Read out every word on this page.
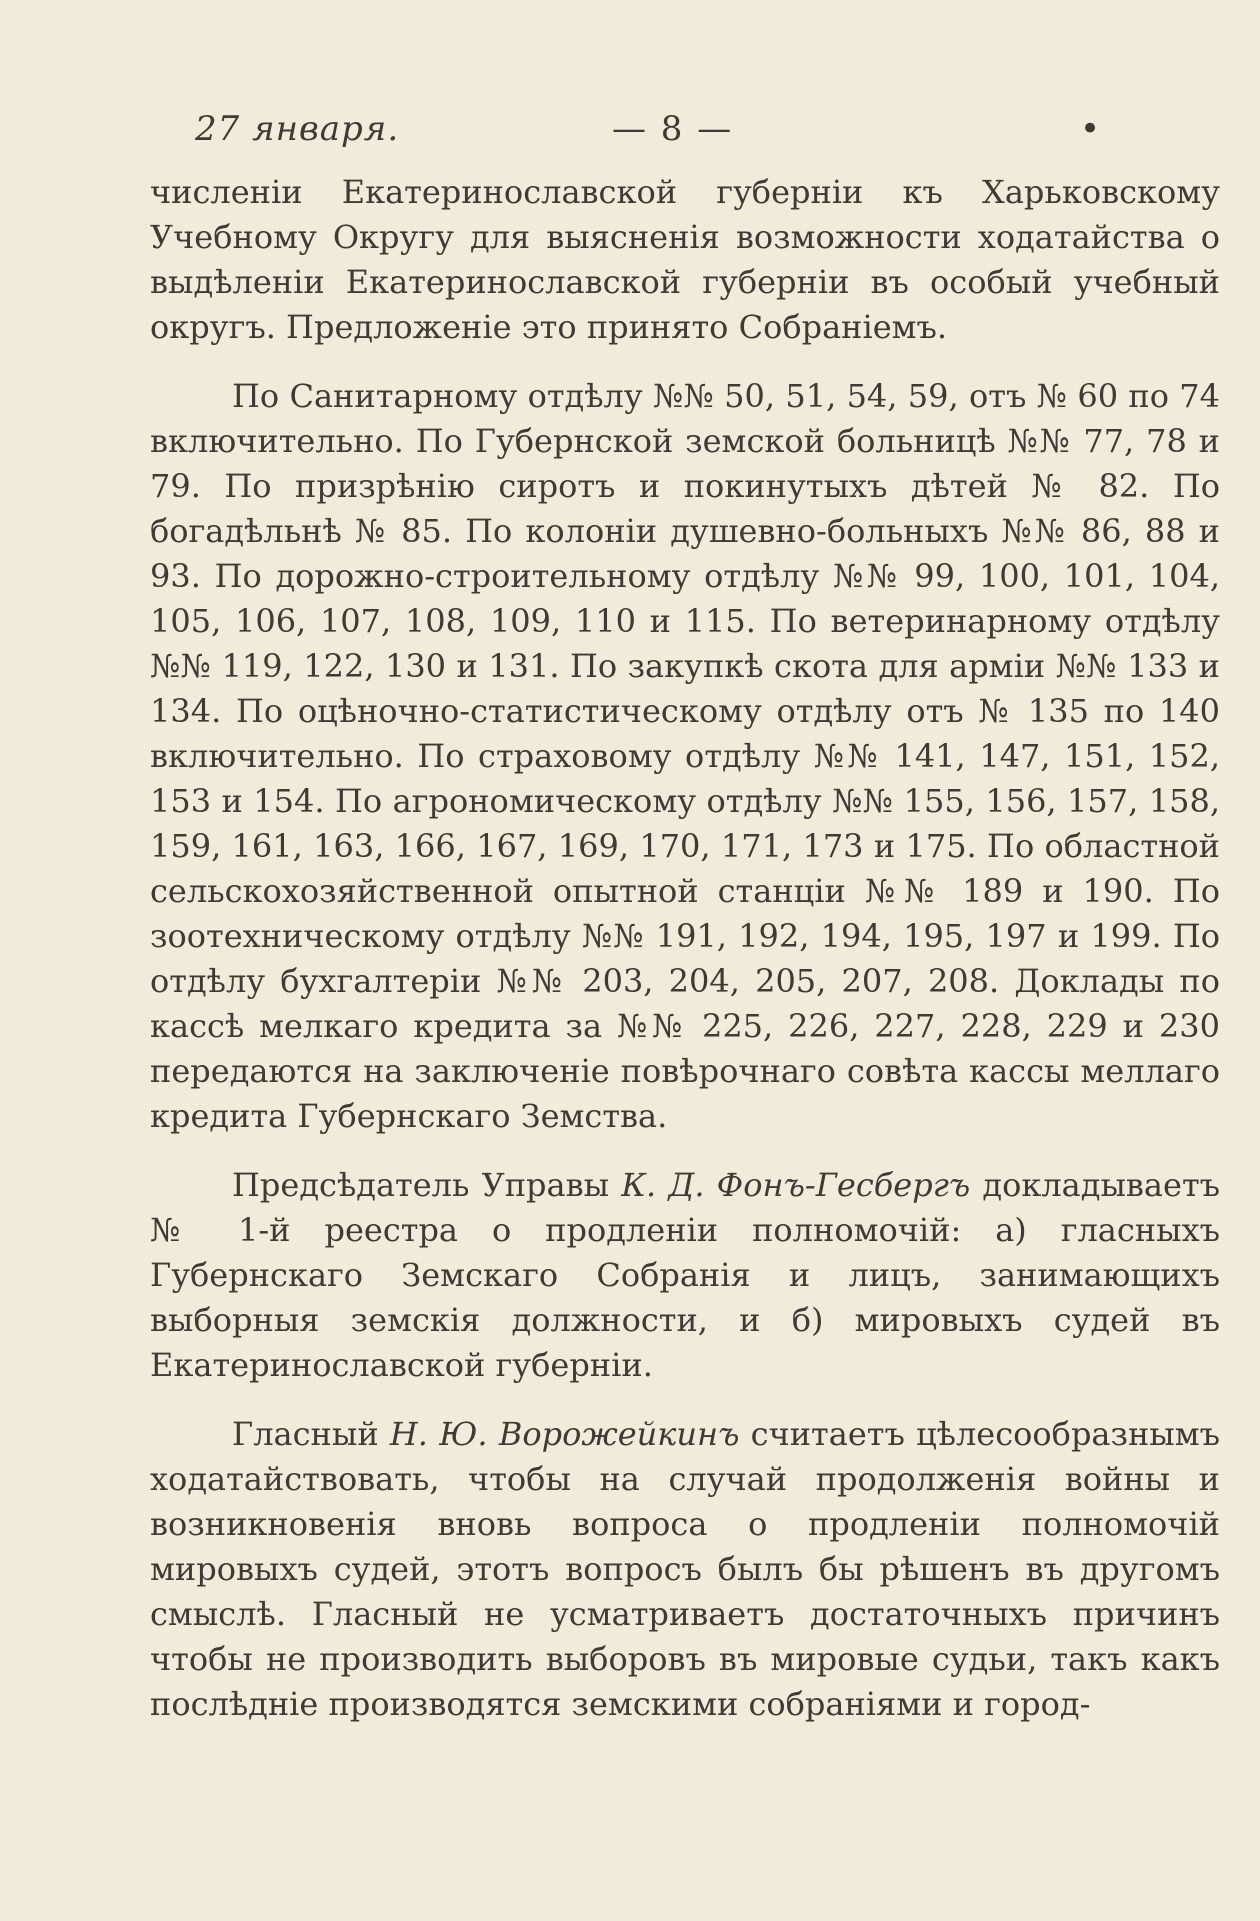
27 января.	— 8 —	•

численіи Екатеринославской губерніи къ Харьковскому Учебному Округу для выясненія возможности ходатайства о выдѣленіи Екатеринославской губерніи въ особый учебный округъ. Предложеніе это принято Собраніемъ.

По Санитарному отдѣлу №№ 50, 51, 54, 59, отъ № 60 по 74 включительно. По Губернской земской больницѣ №№ 77, 78 и 79. По призрѣнію сиротъ и покинутыхъ дѣтей № 82. По богадѣльнѣ № 85. По колоніи душевно-больныхъ №№ 86, 88 и 93. По дорожно-строительному отдѣлу №№ 99, 100, 101, 104, 105, 106, 107, 108, 109, 110 и 115. По ветеринарному отдѣлу №№ 119, 122, 130 и 131. По закупкѣ скота для арміи №№ 133 и 134. По оцѣночно-статистическому отдѣлу отъ № 135 по 140 включительно. По страховому отдѣлу №№ 141, 147, 151, 152, 153 и 154. По агрономическому отдѣлу №№ 155, 156, 157, 158, 159, 161, 163, 166, 167, 169, 170, 171, 173 и 175. По областной сельскохозяйственной опытной станціи №№ 189 и 190. По зоотехническому отдѣлу №№ 191, 192, 194, 195, 197 и 199. По отдѣлу бухгалтеріи №№ 203, 204, 205, 207, 208. Доклады по кассѣ мелкаго кредита за №№ 225, 226, 227, 228, 229 и 230 передаются на заключеніе повѣрочнаго совѣта кассы меллаго кредита Губернскаго Земства.

Предсѣдатель Управы К. Д. Фонъ-Гесбергъ докладываетъ № 1-й реестра о продленіи полномочій: а) гласныхъ Губернскаго Земскаго Собранія и лицъ, занимающихъ выборныя земскія должности, и б) мировыхъ судей въ Екатеринославской губерніи.

Гласный Н. Ю. Ворожейкинъ считаетъ цѣлесообразнымъ ходатайствовать, чтобы на случай продолженія войны и возникновенія вновь вопроса о продленіи полномочій мировыхъ судей, этотъ вопросъ былъ бы рѣшенъ въ другомъ смыслѣ. Гласный не усматриваетъ достаточныхъ причинъ чтобы не производить выборовъ въ мировые судьи, такъ какъ послѣдніе производятся земскими собраніями и город-
